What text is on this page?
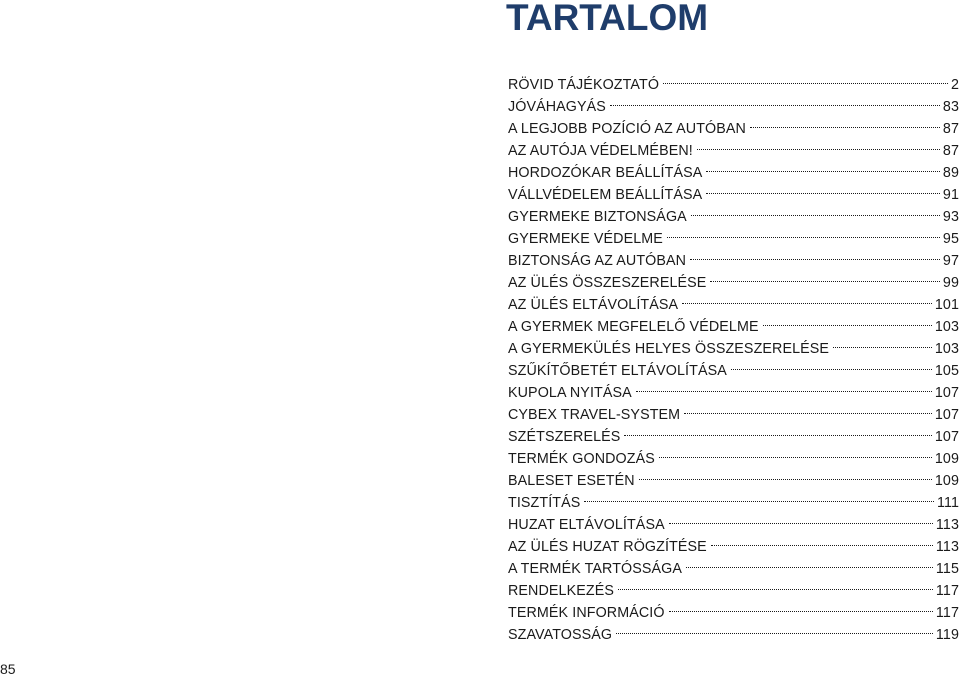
TARTALOM
RÖVID TÁJÉKOZTATÓ	2
JÓVÁHAGYÁS	83
A LEGJOBB POZÍCIÓ AZ AUTÓBAN	87
AZ AUTÓJA VÉDELMÉBEN!	87
HORDOZÓKAR BEÁLLÍTÁSA	89
VÁLLVÉDELEM BEÁLLÍTÁSA	91
GYERMEKE BIZTONSÁGA	93
GYERMEKE VÉDELME	95
BIZTONSÁG AZ AUTÓBAN	97
AZ ÜLÉS ÖSSZESZERELÉSE	99
AZ ÜLÉS ELTÁVOLÍTÁSA	101
A GYERMEK MEGFELELŐ VÉDELME	103
A GYERMEKÜLÉS HELYES ÖSSZESZERELÉSE	103
SZŰKÍTŐBETÉT ELTÁVOLÍTÁSA	105
KUPOLA NYITÁSA	107
CYBEX TRAVEL-SYSTEM	107
SZÉTSZERELÉS	107
TERMÉK GONDOZÁS	109
BALESET ESETÉN	109
TISZTÍTÁS	111
HUZAT ELTÁVOLÍTÁSA	113
AZ ÜLÉS HUZAT RÖGZÍTÉSE	113
A TERMÉK TARTÓSSÁGA	115
RENDELKEZÉS	117
TERMÉK INFORMÁCIÓ	117
SZAVATOSSÁG	119
85
